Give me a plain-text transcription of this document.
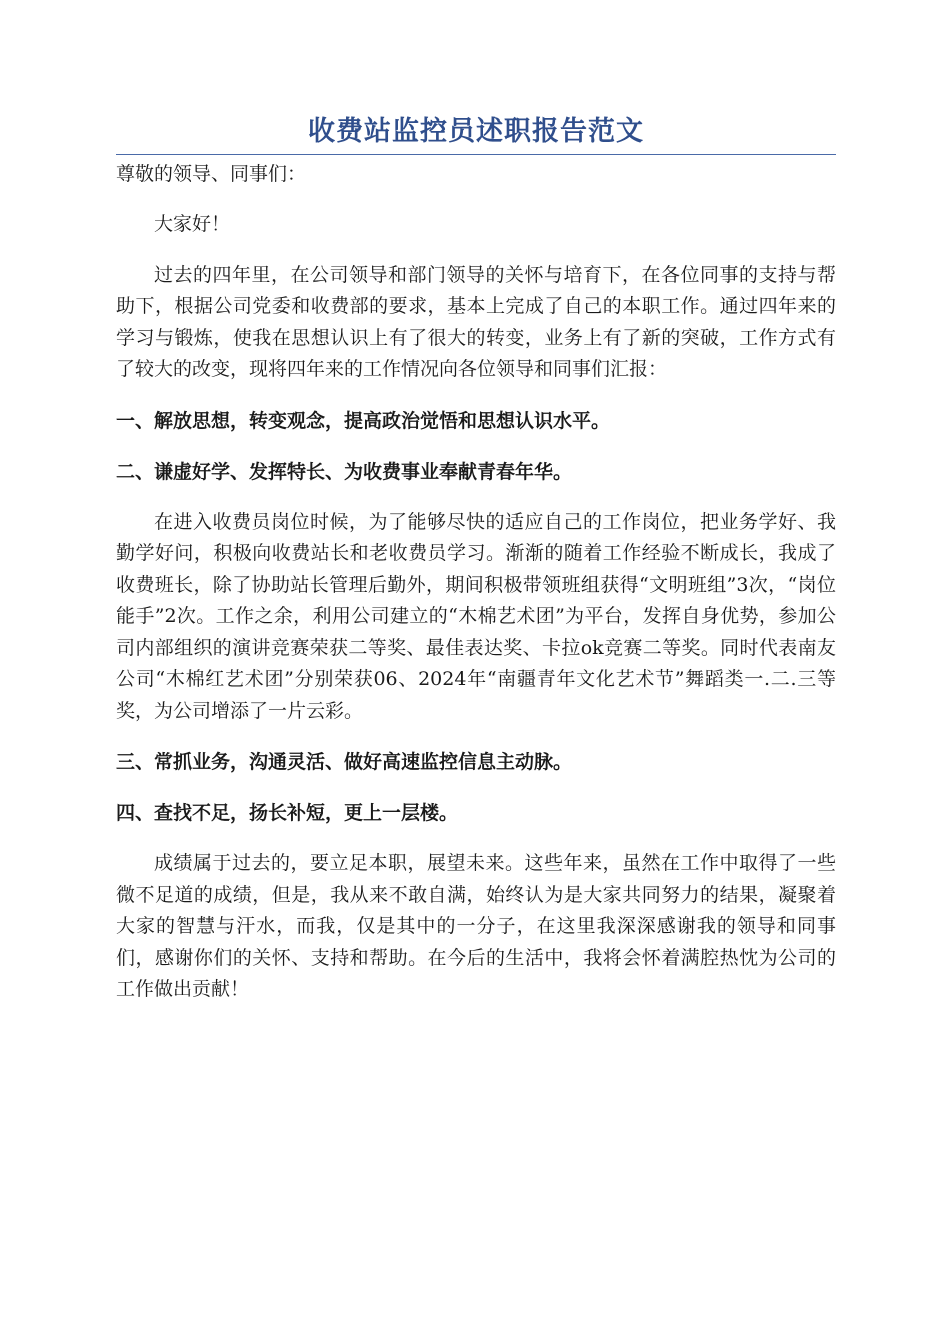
收费站监控员述职报告范文

尊敬的领导、同事们：

大家好！

过去的四年里，在公司领导和部门领导的关怀与培育下，在各位同事的支持与帮助下，根据公司党委和收费部的要求，基本上完成了自己的本职工作。通过四年来的学习与锻炼，使我在思想认识上有了很大的转变，业务上有了新的突破，工作方式有了较大的改变，现将四年来的工作情况向各位领导和同事们汇报：

一、解放思想，转变观念，提高政治觉悟和思想认识水平。

二、谦虚好学、发挥特长、为收费事业奉献青春年华。

在进入收费员岗位时候，为了能够尽快的适应自己的工作岗位，把业务学好、我勤学好问，积极向收费站长和老收费员学习。渐渐的随着工作经验不断成长，我成了收费班长，除了协助站长管理后勤外，期间积极带领班组获得“文明班组”3次，“岗位能手”2次。工作之余，利用公司建立的“木棉艺术团”为平台，发挥自身优势，参加公司内部组织的演讲竞赛荣获二等奖、最佳表达奖、卡拉ok竞赛二等奖。同时代表南友公司“木棉红艺术团”分别荣获06、2024年“南疆青年文化艺术节”舞蹈类一.二.三等奖，为公司增添了一片云彩。

三、常抓业务，沟通灵活、做好高速监控信息主动脉。

四、查找不足，扬长补短，更上一层楼。

成绩属于过去的，要立足本职，展望未来。这些年来，虽然在工作中取得了一些微不足道的成绩，但是，我从来不敢自满，始终认为是大家共同努力的结果，凝聚着大家的智慧与汗水，而我，仅是其中的一分子，在这里我深深感谢我的领导和同事们，感谢你们的关怀、支持和帮助。在今后的生活中，我将会怀着满腔热忱为公司的工作做出贡献！
